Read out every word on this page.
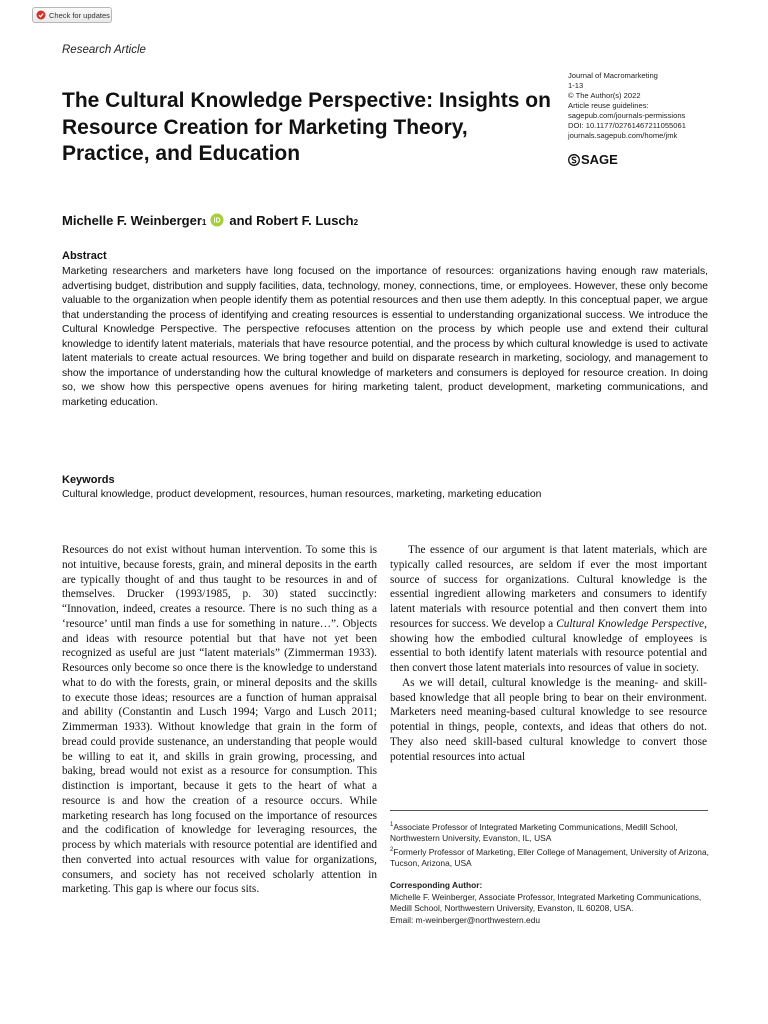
Check for updates
Research Article
The Cultural Knowledge Perspective: Insights on Resource Creation for Marketing Theory, Practice, and Education
Journal of Macromarketing
1-13
© The Author(s) 2022
Article reuse guidelines:
sagepub.com/journals-permissions
DOI: 10.1177/02761467211055061
journals.sagepub.com/home/jmk
SAGE
Michelle F. Weinberger 1 iD and Robert F. Lusch 2
Abstract

Marketing researchers and marketers have long focused on the importance of resources: organizations having enough raw materials, advertising budget, distribution and supply facilities, data, technology, money, connections, time, or employees. However, these only become valuable to the organization when people identify them as potential resources and then use them adeptly. In this conceptual paper, we argue that understanding the process of identifying and creating resources is essential to understanding organizational success. We introduce the Cultural Knowledge Perspective. The perspective refocuses attention on the process by which people use and extend their cultural knowledge to identify latent materials, materials that have resource potential, and the process by which cultural knowledge is used to activate latent materials to create actual resources. We bring together and build on disparate research in marketing, sociology, and management to show the importance of understanding how the cultural knowledge of marketers and consumers is deployed for resource creation. In doing so, we show how this perspective opens avenues for hiring marketing talent, product development, marketing communications, and marketing education.

Keywords

Cultural knowledge, product development, resources, human resources, marketing, marketing education

Resources do not exist without human intervention. To some this is not intuitive, because forests, grain, and mineral deposits in the earth are typically thought of and thus taught to be resources in and of themselves. Drucker (1993/1985, p. 30) stated succinctly: “Innovation, indeed, creates a resource. There is no such thing as a ‘resource’ until man finds a use for something in nature…”. Objects and ideas with resource potential but that have not yet been recognized as useful are just “latent materials” (Zimmerman 1933). Resources only become so once there is the knowledge to understand what to do with the forests, grain, or mineral deposits and the skills to execute those ideas; resources are a function of human appraisal and ability (Constantin and Lusch 1994; Vargo and Lusch 2011; Zimmerman 1933). Without knowledge that grain in the form of bread could provide sustenance, an understanding that people would be willing to eat it, and skills in grain growing, processing, and baking, bread would not exist as a resource for consumption. This distinction is important, because it gets to the heart of what a resource is and how the creation of a resource occurs. While marketing research has long focused on the importance of resources and the codification of knowledge for leveraging resources, the process by which materials with resource potential are identified and then converted into actual resources with value for organizations, consumers, and society has not received scholarly attention in marketing. This gap is where our focus sits.

The essence of our argument is that latent materials, which are typically called resources, are seldom if ever the most important source of success for organizations. Cultural knowledge is the essential ingredient allowing marketers and consumers to identify latent materials with resource potential and then convert them into resources for success. We develop a Cultural Knowledge Perspective, showing how the embodied cultural knowledge of employees is essential to both identify latent materials with resource potential and then convert those latent materials into resources of value in society.

As we will detail, cultural knowledge is the meaning- and skill-based knowledge that all people bring to bear on their environment. Marketers need meaning-based cultural knowledge to see resource potential in things, people, contexts, and ideas that others do not. They also need skill-based cultural knowledge to convert those potential resources into actual

$^1$Associate Professor of Integrated Marketing Communications, Medill School, Northwestern University, Evanston, IL, USA

$^2$Formerly Professor of Marketing, Eller College of Management, University of Arizona, Tucson, Arizona, USA

Corresponding Author:

Michelle F. Weinberger, Associate Professor, Integrated Marketing Communications, Medill School, Northwestern University, Evanston, IL 60208, USA.

Email: m-weinberger@northwestern.edu
